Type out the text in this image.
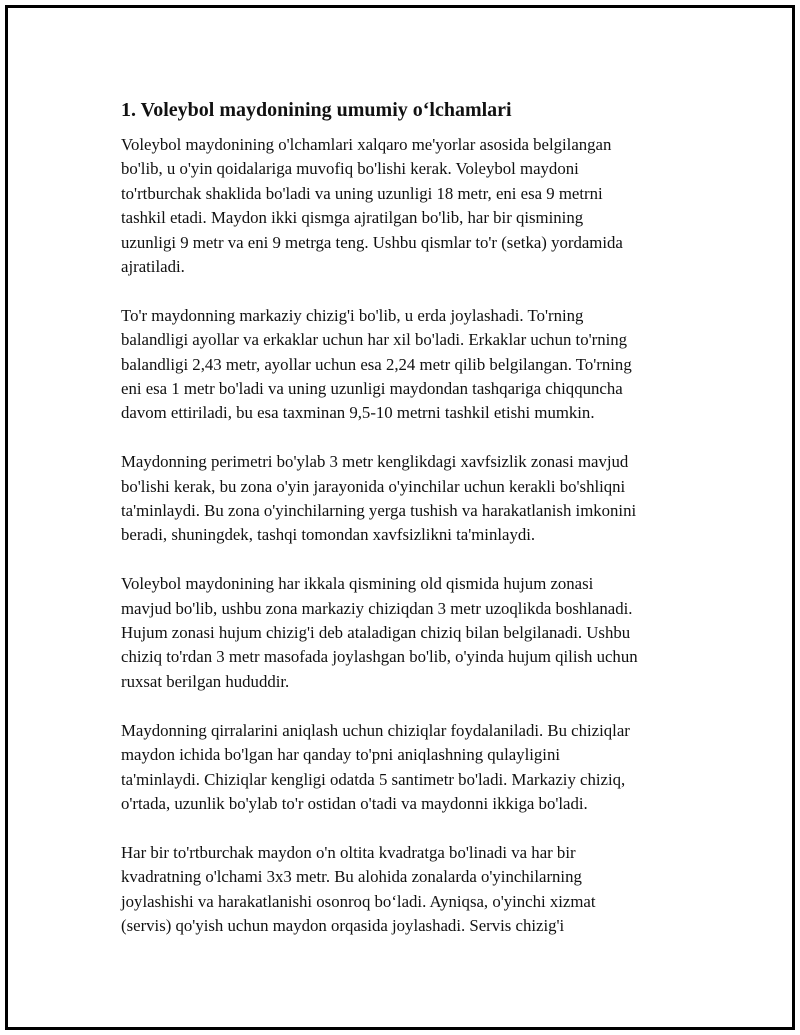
1. Voleybol maydonining umumiy o‘lchamlari

Voleybol maydonining o'lchamlari xalqaro me'yorlar asosida belgilangan
bo'lib, u o'yin qoidalariga muvofiq bo'lishi kerak. Voleybol maydoni
to'rtburchak shaklida bo'ladi va uning uzunligi 18 metr, eni esa 9 metrni
tashkil etadi. Maydon ikki qismga ajratilgan bo'lib, har bir qismining
uzunligi 9 metr va eni 9 metrga teng. Ushbu qismlar to'r (setka) yordamida
ajratiladi.

To'r maydonning markaziy chizig'i bo'lib, u erda joylashadi. To'rning
balandligi ayollar va erkaklar uchun har xil bo'ladi. Erkaklar uchun to'rning
balandligi 2,43 metr, ayollar uchun esa 2,24 metr qilib belgilangan. To'rning
eni esa 1 metr bo'ladi va uning uzunligi maydondan tashqariga chiqquncha
davom ettiriladi, bu esa taxminan 9,5-10 metrni tashkil etishi mumkin.

Maydonning perimetri bo'ylab 3 metr kenglikdagi xavfsizlik zonasi mavjud
bo'lishi kerak, bu zona o'yin jarayonida o'yinchilar uchun kerakli bo'shliqni
ta'minlaydi. Bu zona o'yinchilarning yerga tushish va harakatlanish imkonini
beradi, shuningdek, tashqi tomondan xavfsizlikni ta'minlaydi.

Voleybol maydonining har ikkala qismining old qismida hujum zonasi
mavjud bo'lib, ushbu zona markaziy chiziqdan 3 metr uzoqlikda boshlanadi.
Hujum zonasi hujum chizig'i deb ataladigan chiziq bilan belgilanadi. Ushbu
chiziq to'rdan 3 metr masofada joylashgan bo'lib, o'yinda hujum qilish uchun
ruxsat berilgan hududdir.

Maydonning qirralarini aniqlash uchun chiziqlar foydalaniladi. Bu chiziqlar
maydon ichida bo'lgan har qanday to'pni aniqlashning qulayligini
ta'minlaydi. Chiziqlar kengligi odatda 5 santimetr bo'ladi. Markaziy chiziq,
o'rtada, uzunlik bo'ylab to'r ostidan o'tadi va maydonni ikkiga bo'ladi.

Har bir to'rtburchak maydon o'n oltita kvadratga bo'linadi va har bir
kvadratning o'lchami 3x3 metr. Bu alohida zonalarda o'yinchilarning
joylashishi va harakatlanishi osonroq bo‘ladi. Ayniqsa, o'yinchi xizmat
(servis) qo'yish uchun maydon orqasida joylashadi. Servis chizig'i
